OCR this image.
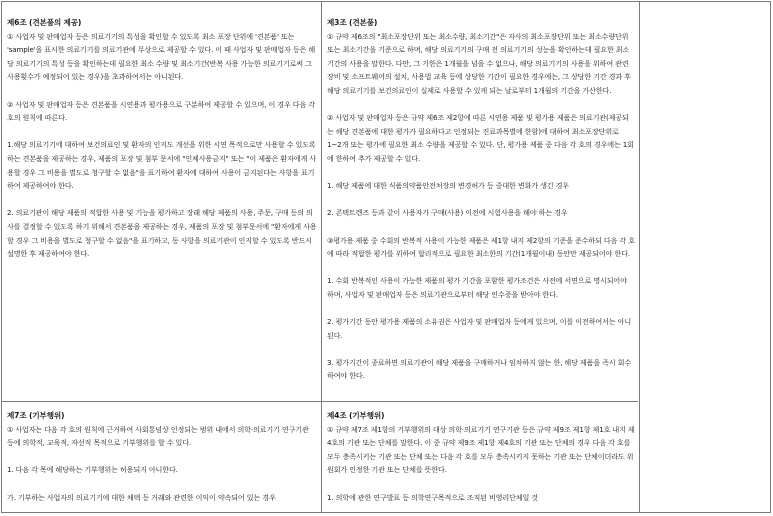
제6조 (견본품의 제공)

① 사업자 및 판매업자 등은 의료기기의 특성을 확인할 수 있도록 최소 포장 단위에 '견본품' 또는 'sample'을 표시한 의료기기를 의료기관에 무상으로 제공할 수 있다. 이 때 사업자 및 판매업자 등은 해당 의료기기의 특성 등을 확인하는데 필요한 최소 수량 및 최소기간(반복 사용 가능한 의료기기로써 그 사용횟수가 예정되어 있는 경우)을 초과하여서는 아니된다.

② 사업자 및 판매업자 등은 견본품을 시연용과 평가용으로 구분하여 제공할 수 있으며, 이 경우 다음 각 호의 원칙에 따른다.

1.해당 의료기기에 대하여 보건의료인 및 환자의 인지도 개선을 위한 시연 목적으로만 사용할 수 있도록 하는 견본품을 제공하는 경우, 제품의 포장 및 첨부 문서에 "인체사용금지" 또는 "이 제품은 환자에게 사용할 경우 그 비용을 별도로 청구할 수 없음"을 표기하여 환자에 대하여 사용이 금지된다는 사항을 표기하여 제공하여야 한다.

2. 의료기관이 해당 제품의 적합한 사용 및 기능을 평가하고 장래 해당 제품의 사용, 주문, 구매 등의 의사를 결정할 수 있도록 하기 위해서 견본품을 제공하는 경우, 제품의 포장 및 첨부문서에 "환자에게 사용할 경우 그 비용을 별도로 청구할 수 없음"을 표기하고, 동 사항을 의료기관이 인지할 수 있도록 반드시 설명한 후 제공하여야 한다.

제3조 (견본품)

① 규약 제6조의 "최소포장단위 또는 최소수량, 최소기간"은 자사의 최소포장단위 또는 최소수량단위 또는 최소기간을 기준으로 하며, 해당 의료기기의 구매 전 의료기기의 성능을 확인하는데 필요한 최소기간의 사용을 말한다. 다만, 그 기한은 1개월을 넘을 수 없으나, 해당 의료기기의 사용을 위하여 관련 장비 및 소프트웨어의 설치, 사용법 교육 등에 상당한 기간이 필요한 경우에는, 그 상당한 기간 경과 후 해당 의료기기를 보건의료인이 실제로 사용할 수 있게 되는 날로부터 1개월의 기간을 가산한다.

② 사업자 및 판매업자 등은 규약 제6조 제2항에 따른 시연용 제품 및 평가용 제품은 의료기관(제공되는 해당 견본품에 대한 평가가 필요하다고 인정되는 진료과목별에 한함)에 대하여 최소포장단위로 1~2개 또는 평가에 필요한 최소 수량을 제공할 수 있다. 단, 평가용 제품 중 다음 각 호의 경우에는 1회에 한하여 추가 제공할 수 있다.

1. 해당 제품에 대한 식품의약품안전처장의 변경허가 등 중대한 변화가 생긴 경우

2. 콘택트렌즈 등과 같이 사용자가 구매(사용) 이전에 시험사용을 해야 하는 경우

③평가용 제품 중 수회의 반복적 사용이 가능한 제품은 제1항 내지 제2항의 기준을 준수하되 다음 각 호에 따라 적합한 평가를 위하여 합리적으로 필요한 최소한의 기간(1개월이내) 동안만 제공되어야 한다.

1. 수회 반복적인 사용이 가능한 제품의 평가 기간을 포함한 평가조건은 사전에 서면으로 명시되어야 하며, 사업자 및 판매업자 등은 의료기관으로부터 해당 인수증을 받아야 한다.

2. 평가기간 동안 평가용 제품의 소유권은 사업자 및 판매업자 등에게 있으며, 이를 이전하여서는 아니된다.

3. 평가기간이 종료하면 의료기관이 해당 제품을 구매하거나 임차하지 않는 한, 해당 제품을 즉시 회수하여야 한다.

제7조 (기부행위)

① 사업자는 다음 각 호의 원칙에 근거하여 사회통념상 인정되는 범위 내에서 의학·의료기기 연구기관 등에 의학적, 교육적, 자선적 목적으로 기부행위를 할 수 있다.

1. 다음 각 목에 해당하는 기부행위는 허용되지 아니한다.

가. 기부하는 사업자의 의료기기에 대한 채택 등 거래와 관련한 이익이 약속되어 있는 경우

제4조 (기부행위)

① 규약 제7조 제1항의 기부행위의 대상 의학·의료기기 연구기관 등은 규약 제9조 제1항 제1호 내지 제4호의 기관 또는 단체를 말한다. 이 중 규약 제9조 제1항 제4호의 기관 또는 단체의 경우 다음 각 호를 모두 충족시키는 기관 또는 단체 또는 다음 각 호를 모두 충족시키지 못하는 기관 또는 단체이더라도 위원회가 인정한 기관 또는 단체를 뜻한다.

1. 의학에 관한 연구발표 등 의학연구목적으로 조직된 비영리단체일 것
